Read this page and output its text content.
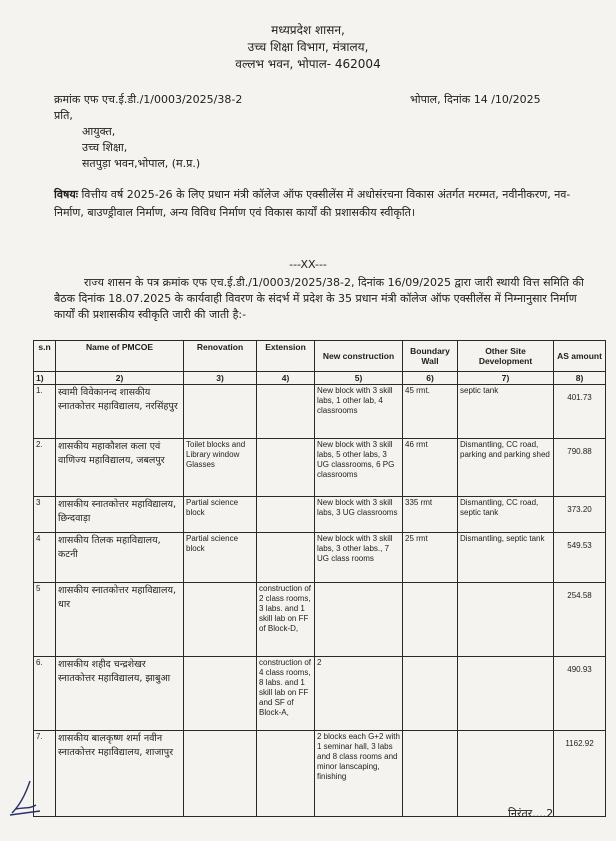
मध्यप्रदेश शासन,
उच्च शिक्षा विभाग, मंत्रालय,
वल्लभ भवन, भोपाल- 462004
क्रमांक एफ एच.ई.डी./1/0003/2025/38-2	भोपाल, दिनांक 14 /10/2025
प्रति,
आयुक्त,
उच्च शिक्षा,
सतपुड़ा भवन,भोपाल, (म.प्र.)
विषयः वित्तीय वर्ष 2025-26 के लिए प्रधान मंत्री कॉलेज ऑफ एक्सीलेंस में अधोसंरचना विकास अंतर्गत मरम्मत, नवीनीकरण, नव-निर्माण, बाउण्ड्रीवाल निर्माण, अन्य विविध निर्माण एवं विकास कार्यों की प्रशासकीय स्वीकृति।
---XX---
राज्य शासन के पत्र क्रमांक एफ एच.ई.डी./1/0003/2025/38-2, दिनांक 16/09/2025 द्वारा जारी स्थायी वित्त समिति की बैठक दिनांक 18.07.2025 के कार्यवाही विवरण के संदर्भ में प्रदेश के 35 प्रधान मंत्री कॉलेज ऑफ एक्सीलेंस में निम्नानुसार निर्माण कार्यों की प्रशासकीय स्वीकृति जारी की जाती है:-
s.n	Name of PMCOE	Renovation	Extension	New construction	Boundary Wall	Other Site Development	AS amount
1)	2)	3)	4)	5)	6)	7)	8)
1.	स्वामी विवेकानन्द शासकीय स्नातकोत्तर महाविद्यालय, नरसिंहपुर			New block with 3 skill labs, 1 other lab, 4 classrooms	45 rmt.	septic tank	401.73
2.	शासकीय महाकौशल कला एवं वाणिज्य महाविद्यालय, जबलपुर	Toilet blocks and Library window Glasses		New block with 3 skill labs, 5 other labs, 3 UG classrooms, 6 PG classrooms	46 rmt	Dismantling, CC road, parking and parking shed	790.88
3	शासकीय स्नातकोत्तर महाविद्यालय, छिन्दवाड़ा	Partial science block		New block with 3 skill labs, 3 UG classrooms	335 rmt	Dismantling, CC road, septic tank	373.20
4	शासकीय तिलक महाविद्यालय, कटनी	Partial science block		New block with 3 skill labs, 3 other labs., 7 UG class rooms	25 rmt	Dismantling, septic tank	549.53
5	शासकीय स्नातकोत्तर महाविद्यालय, धार		construction of 2 class rooms, 3 labs. and 1 skill lab on FF of Block-D,				254.58
6.	शासकीय शहीद चन्द्रशेखर स्नातकोत्तर महाविद्यालय, झाबुआ		construction of 4 class rooms, 8 labs. and 1 skill lab on FF and SF of Block-A,	2			490.93
7.	शासकीय बालकृष्ण शर्मा नवीन स्नातकोत्तर महाविद्यालय, शाजापुर			2 blocks each G+2 with 1 seminar hall, 3 labs and 8 class rooms and minor lanscaping, finishing			1162.92
निरंतर....2
